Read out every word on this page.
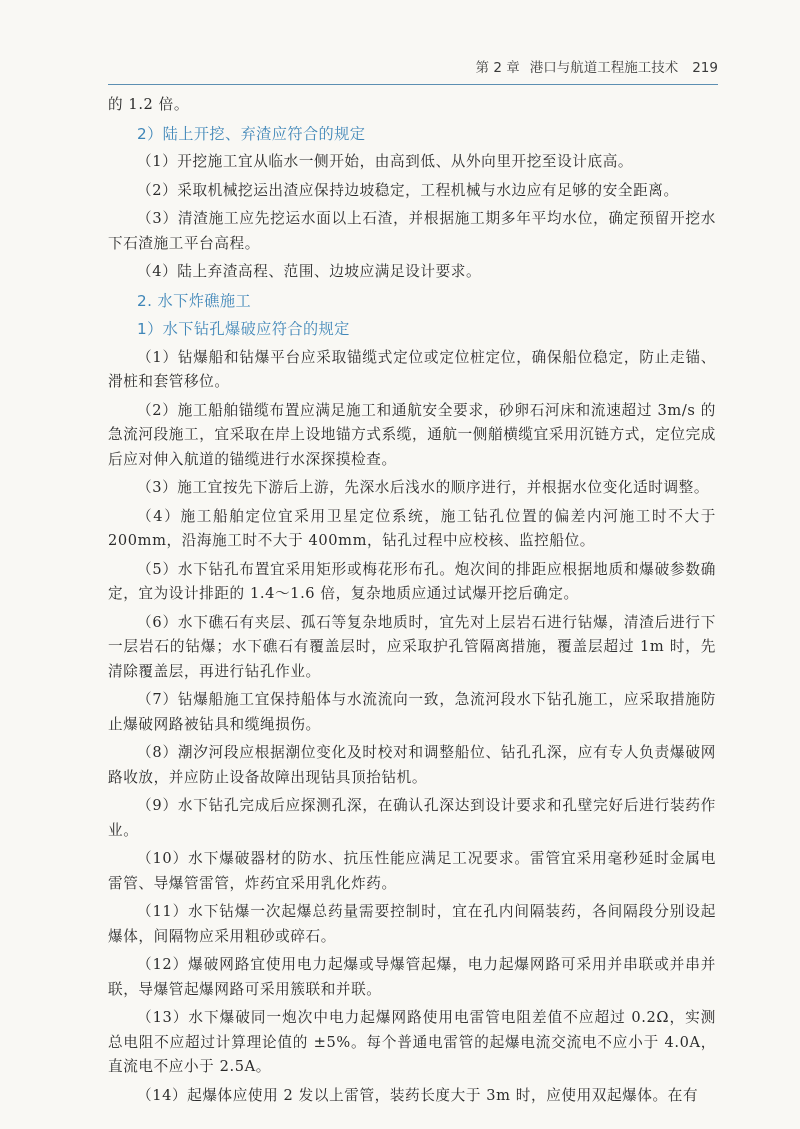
第 2 章 港口与航道工程施工技术 219

的 1.2 倍。

2）陆上开挖、弃渣应符合的规定

（1）开挖施工宜从临水一侧开始，由高到低、从外向里开挖至设计底高。

（2）采取机械挖运出渣应保持边坡稳定，工程机械与水边应有足够的安全距离。

（3）清渣施工应先挖运水面以上石渣，并根据施工期多年平均水位，确定预留开挖水下石渣施工平台高程。

（4）陆上弃渣高程、范围、边坡应满足设计要求。

2. 水下炸礁施工

1）水下钻孔爆破应符合的规定

（1）钻爆船和钻爆平台应采取锚缆式定位或定位桩定位，确保船位稳定，防止走锚、滑桩和套管移位。

（2）施工船舶锚缆布置应满足施工和通航安全要求，砂卵石河床和流速超过 3m/s 的急流河段施工，宜采取在岸上设地锚方式系缆，通航一侧艏横缆宜采用沉链方式，定位完成后应对伸入航道的锚缆进行水深探摸检查。

（3）施工宜按先下游后上游，先深水后浅水的顺序进行，并根据水位变化适时调整。

（4）施工船舶定位宜采用卫星定位系统，施工钻孔位置的偏差内河施工时不大于 200mm，沿海施工时不大于 400mm，钻孔过程中应校核、监控船位。

（5）水下钻孔布置宜采用矩形或梅花形布孔。炮次间的排距应根据地质和爆破参数确定，宜为设计排距的 1.4～1.6 倍，复杂地质应通过试爆开挖后确定。

（6）水下礁石有夹层、孤石等复杂地质时，宜先对上层岩石进行钻爆，清渣后进行下一层岩石的钻爆；水下礁石有覆盖层时，应采取护孔管隔离措施，覆盖层超过 1m 时，先清除覆盖层，再进行钻孔作业。

（7）钻爆船施工宜保持船体与水流流向一致，急流河段水下钻孔施工，应采取措施防止爆破网路被钻具和缆绳损伤。

（8）潮汐河段应根据潮位变化及时校对和调整船位、钻孔孔深，应有专人负责爆破网路收放，并应防止设备故障出现钻具顶抬钻机。

（9）水下钻孔完成后应探测孔深，在确认孔深达到设计要求和孔壁完好后进行装药作业。

（10）水下爆破器材的防水、抗压性能应满足工况要求。雷管宜采用毫秒延时金属电雷管、导爆管雷管，炸药宜采用乳化炸药。

（11）水下钻爆一次起爆总药量需要控制时，宜在孔内间隔装药，各间隔段分别设起爆体，间隔物应采用粗砂或碎石。

（12）爆破网路宜使用电力起爆或导爆管起爆，电力起爆网路可采用并串联或并串并联，导爆管起爆网路可采用簇联和并联。

（13）水下爆破同一炮次中电力起爆网路使用电雷管电阻差值不应超过 0.2Ω，实测总电阻不应超过计算理论值的 ±5%。每个普通电雷管的起爆电流交流电不应小于 4.0A，直流电不应小于 2.5A。

（14）起爆体应使用 2 发以上雷管，装药长度大于 3m 时，应使用双起爆体。在有
